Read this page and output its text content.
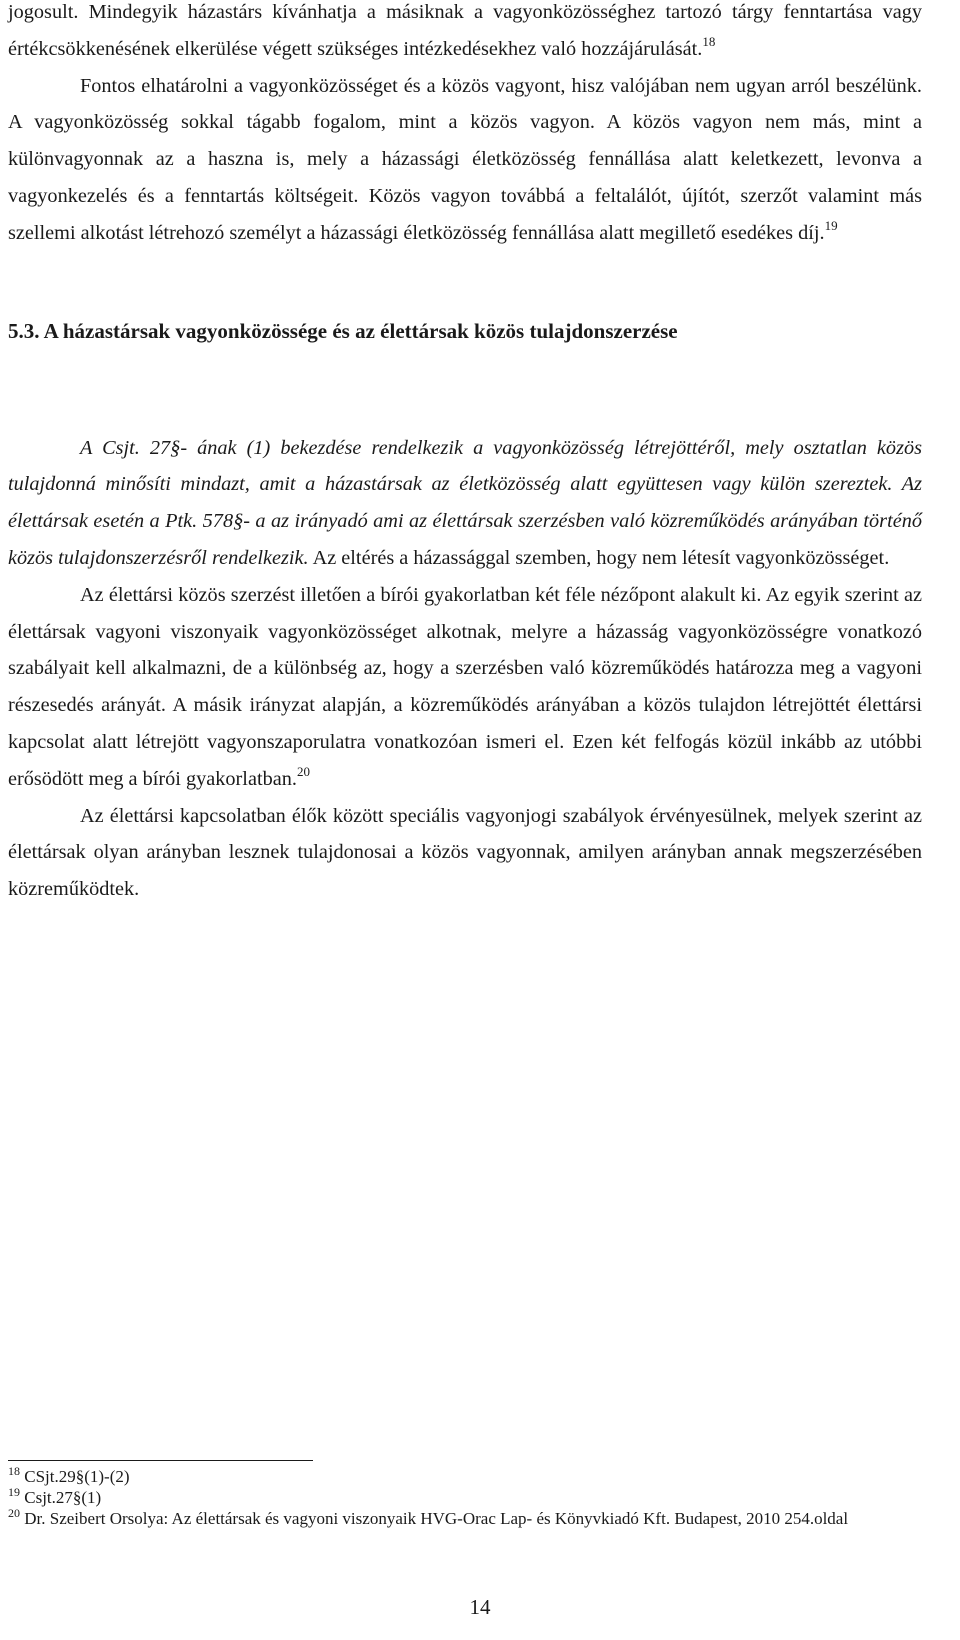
jogosult. Mindegyik házastárs kívánhatja a másiknak a vagyonközösséghez tartozó tárgy fenntartása vagy értékcsökkenésének elkerülése végett szükséges intézkedésekhez való hozzájárulását.$^{18}$

Fontos elhatárolni a vagyonközösséget és a közös vagyont, hisz valójában nem ugyan arról beszélünk. A vagyonközösség sokkal tágabb fogalom, mint a közös vagyon. A közös vagyon nem más, mint a különvagyonnak az a haszna is, mely a házassági életközösség fennállása alatt keletkezett, levonva a vagyonkezelés és a fenntartás költségeit. Közös vagyon továbbá a feltalálót, újítót, szerzőt valamint más szellemi alkotást létrehozó személyt a házassági életközösség fennállása alatt megillető esedékes díj.$^{19}$

5.3. A házastársak vagyonközössége és az élettársak közös tulajdonszerzése

A Csjt. 27§- ának (1) bekezdése rendelkezik a vagyonközösség létrejöttéről, mely osztatlan közös tulajdonná minősíti mindazt, amit a házastársak az életközösség alatt együttesen vagy külön szereztek. Az élettársak esetén a Ptk. 578§- a az irányadó ami az élettársak szerzésben való közreműködés arányában történő közös tulajdonszerzésről rendelkezik. Az eltérés a házassággal szemben, hogy nem létesít vagyonközösséget.

Az élettársi közös szerzést illetően a bírói gyakorlatban két féle nézőpont alakult ki. Az egyik szerint az élettársak vagyoni viszonyaik vagyonközösséget alkotnak, melyre a házasság vagyonközösségre vonatkozó szabályait kell alkalmazni, de a különbség az, hogy a szerzésben való közreműködés határozza meg a vagyoni részesedés arányát. A másik irányzat alapján, a közreműködés arányában a közös tulajdon létrejöttét élettársi kapcsolat alatt létrejött vagyonszaporulatra vonatkozóan ismeri el. Ezen két felfogás közül inkább az utóbbi erősödött meg a bírói gyakorlatban.$^{20}$

Az élettársi kapcsolatban élők között speciális vagyonjogi szabályok érvényesülnek, melyek szerint az élettársak olyan arányban lesznek tulajdonosai a közös vagyonnak, amilyen arányban annak megszerzésében közreműködtek.

$^{18}$ CSjt.29§(1)-(2)

$^{19}$ Csjt.27§(1)

$^{20}$ Dr. Szeibert Orsolya: Az élettársak és vagyoni viszonyaik HVG-Orac Lap- és Könyvkiadó Kft. Budapest, 2010 254.oldal

14
